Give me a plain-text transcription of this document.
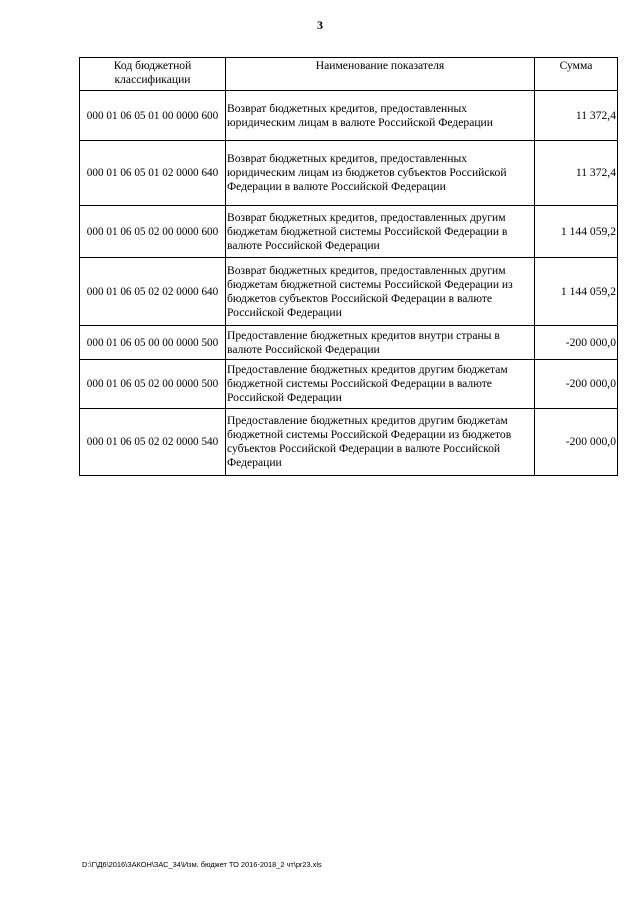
3
Код бюджетной
классификации	Наименование показателя	Сумма
000 01 06 05 01 00 0000 600	Возврат бюджетных кредитов, предоставленных юридическим лицам в валюте Российской Федерации	11 372,4
000 01 06 05 01 02 0000 640	Возврат бюджетных кредитов, предоставленных юридическим лицам из бюджетов субъектов Российской Федерации в валюте Российской Федерации	11 372,4
000 01 06 05 02 00 0000 600	Возврат бюджетных кредитов, предоставленных другим бюджетам бюджетной системы Российской Федерации в валюте Российской Федерации	1 144 059,2
000 01 06 05 02 02 0000 640	Возврат бюджетных кредитов, предоставленных другим бюджетам бюджетной системы Российской Федерации из бюджетов субъектов Российской Федерации в валюте Российской Федерации	1 144 059,2
000 01 06 05 00 00 0000 500	Предоставление бюджетных кредитов внутри страны в валюте Российской Федерации	-200 000,0
000 01 06 05 02 00 0000 500	Предоставление бюджетных кредитов другим бюджетам бюджетной системы Российской Федерации в валюте Российской Федерации	-200 000,0
000 01 06 05 02 02 0000 540	Предоставление бюджетных кредитов другим бюджетам бюджетной системы Российской Федерации из бюджетов субъектов Российской Федерации в валюте Российской Федерации	-200 000,0
D:\Г\Д6\2016\ЗАКОН\ЗАС_34\Изм. бюджет ТО 2016-2018_2 чт\pr23.xls
